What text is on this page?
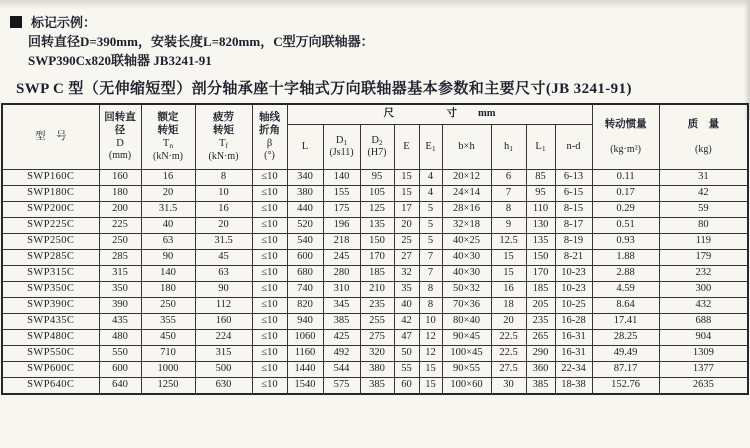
标记示例：
回转直径D=390mm，安装长度L=820mm，C型万向联轴器：
SWP390Cx820联轴器 JB3241-91
SWP C 型（无伸缩短型）剖分轴承座十字轴式万向联轴器基本参数和主要尺寸(JB 3241-91)
型　号	回转直径
D
(mm)	额定
转矩
$T_n$
(kN·m)	疲劳
转矩
$T_f$
(kN·m)	轴线
折角
β
(°)	尺　　　　　寸　　mm									转动惯量
(kg·m²)	质　量
(kg)

					L	$D_1$
(Js11)	$D_2$
(H7)	E	$E_1$	b×h	$h_1$	$L_1$	n-d		
SWP160C	160	16	8	≤10	340	140	95	15	4	20×12	6	85	6-13	0.11	31
SWP180C	180	20	10	≤10	380	155	105	15	4	24×14	7	95	6-15	0.17	42
SWP200C	200	31.5	16	≤10	440	175	125	17	5	28×16	8	110	8-15	0.29	59
SWP225C	225	40	20	≤10	520	196	135	20	5	32×18	9	130	8-17	0.51	80
SWP250C	250	63	31.5	≤10	540	218	150	25	5	40×25	12.5	135	8-19	0.93	119
SWP285C	285	90	45	≤10	600	245	170	27	7	40×30	15	150	8-21	1.88	179
SWP315C	315	140	63	≤10	680	280	185	32	7	40×30	15	170	10-23	2.88	232
SWP350C	350	180	90	≤10	740	310	210	35	8	50×32	16	185	10-23	4.59	300
SWP390C	390	250	112	≤10	820	345	235	40	8	70×36	18	205	10-25	8.64	432
SWP435C	435	355	160	≤10	940	385	255	42	10	80×40	20	235	16-28	17.41	688
SWP480C	480	450	224	≤10	1060	425	275	47	12	90×45	22.5	265	16-31	28.25	904
SWP550C	550	710	315	≤10	1160	492	320	50	12	100×45	22.5	290	16-31	49.49	1309
SWP600C	600	1000	500	≤10	1440	544	380	55	15	90×55	27.5	360	22-34	87.17	1377
SWP640C	640	1250	630	≤10	1540	575	385	60	15	100×60	30	385	18-38	152.76	2635
